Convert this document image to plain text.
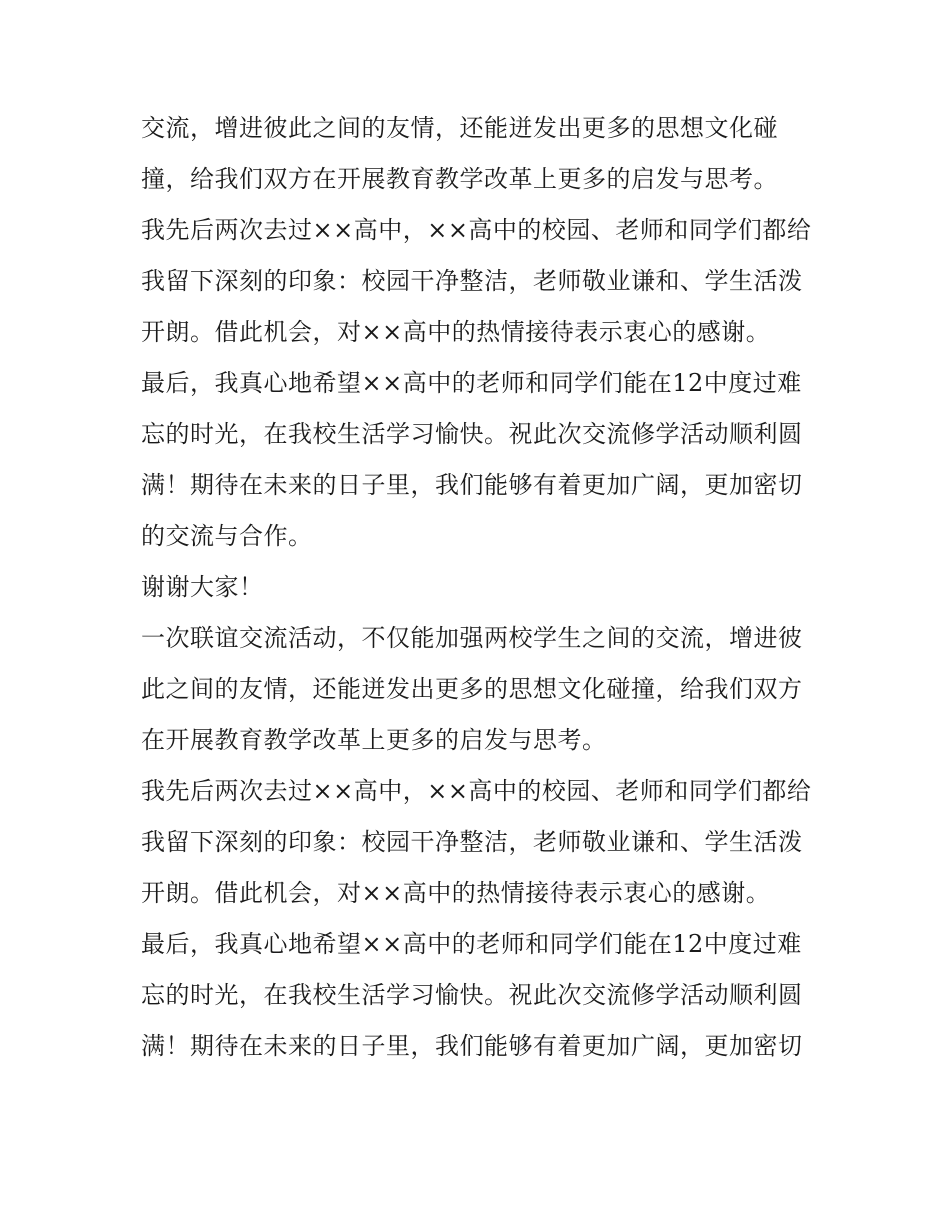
交流，增进彼此之间的友情，还能迸发出更多的思想文化碰
撞，给我们双方在开展教育教学改革上更多的启发与思考。
我先后两次去过××高中，××高中的校园、老师和同学们都给
我留下深刻的印象：校园干净整洁，老师敬业谦和、学生活泼
开朗。借此机会，对××高中的热情接待表示衷心的感谢。
最后，我真心地希望××高中的老师和同学们能在12中度过难
忘的时光，在我校生活学习愉快。祝此次交流修学活动顺利圆
满！期待在未来的日子里，我们能够有着更加广阔，更加密切
的交流与合作。
谢谢大家！
一次联谊交流活动，不仅能加强两校学生之间的交流，增进彼
此之间的友情，还能迸发出更多的思想文化碰撞，给我们双方
在开展教育教学改革上更多的启发与思考。
我先后两次去过××高中，××高中的校园、老师和同学们都给
我留下深刻的印象：校园干净整洁，老师敬业谦和、学生活泼
开朗。借此机会，对××高中的热情接待表示衷心的感谢。
最后，我真心地希望××高中的老师和同学们能在12中度过难
忘的时光，在我校生活学习愉快。祝此次交流修学活动顺利圆
满！期待在未来的日子里，我们能够有着更加广阔，更加密切
